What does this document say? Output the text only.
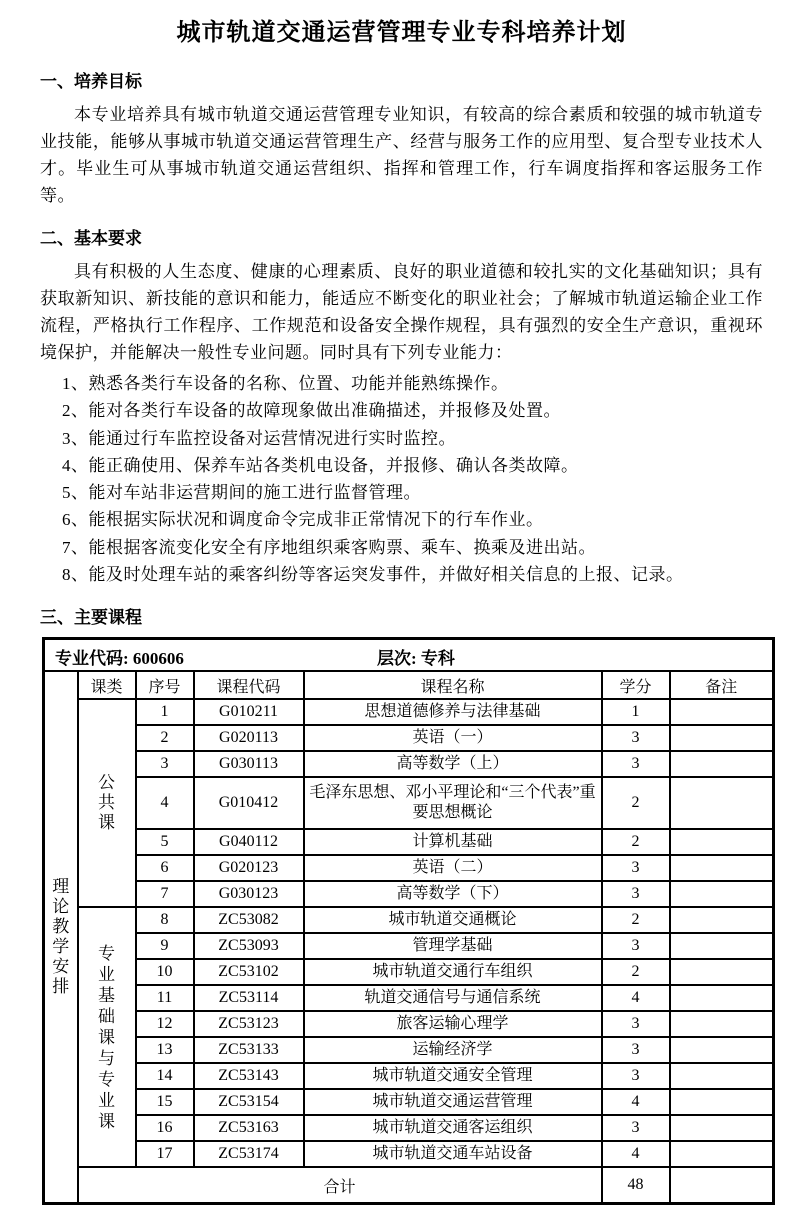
城市轨道交通运营管理专业专科培养计划
一、培养目标

本专业培养具有城市轨道交通运营管理专业知识，有较高的综合素质和较强的城市轨道专业技能，能够从事城市轨道交通运营管理生产、经营与服务工作的应用型、复合型专业技术人才。毕业生可从事城市轨道交通运营组织、指挥和管理工作，行车调度指挥和客运服务工作等。

二、基本要求

具有积极的人生态度、健康的心理素质、良好的职业道德和较扎实的文化基础知识；具有获取新知识、新技能的意识和能力，能适应不断变化的职业社会；了解城市轨道运输企业工作流程，严格执行工作程序、工作规范和设备安全操作规程，具有强烈的安全生产意识，重视环境保护，并能解决一般性专业问题。同时具有下列专业能力：

1、熟悉各类行车设备的名称、位置、功能并能熟练操作。

2、能对各类行车设备的故障现象做出准确描述，并报修及处置。

3、能通过行车监控设备对运营情况进行实时监控。

4、能正确使用、保养车站各类机电设备，并报修、确认各类故障。

5、能对车站非运营期间的施工进行监督管理。

6、能根据实际状况和调度命令完成非正常情况下的行车作业。

7、能根据客流变化安全有序地组织乘客购票、乘车、换乘及进出站。

8、能及时处理车站的乘客纠纷等客运突发事件，并做好相关信息的上报、记录。

三、主要课程
专业代码: 600606 层次: 专科						

理论教学安排	课类	序号	课程代码	课程名称	学分	备注
	公共课	1	G010211	思想道德修养与法律基础	1	
		2	G020113	英语（一）	3	
		3	G030113	高等数学（上）	3	
		4	G010412	毛泽东思想、邓小平理论和“三个代表”重要思想概论	2	
		5	G040112	计算机基础	2	
		6	G020123	英语（二）	3	
		7	G030123	高等数学（下）	3	
	专业基础课与专业课	8	ZC53082	城市轨道交通概论	2	
		9	ZC53093	管理学基础	3	
		10	ZC53102	城市轨道交通行车组织	2	
		11	ZC53114	轨道交通信号与通信系统	4	
		12	ZC53123	旅客运输心理学	3	
		13	ZC53133	运输经济学	3	
		14	ZC53143	城市轨道交通安全管理	3	
		15	ZC53154	城市轨道交通运营管理	4	
		16	ZC53163	城市轨道交通客运组织	3	
		17	ZC53174	城市轨道交通车站设备	4	
	合计				48	
